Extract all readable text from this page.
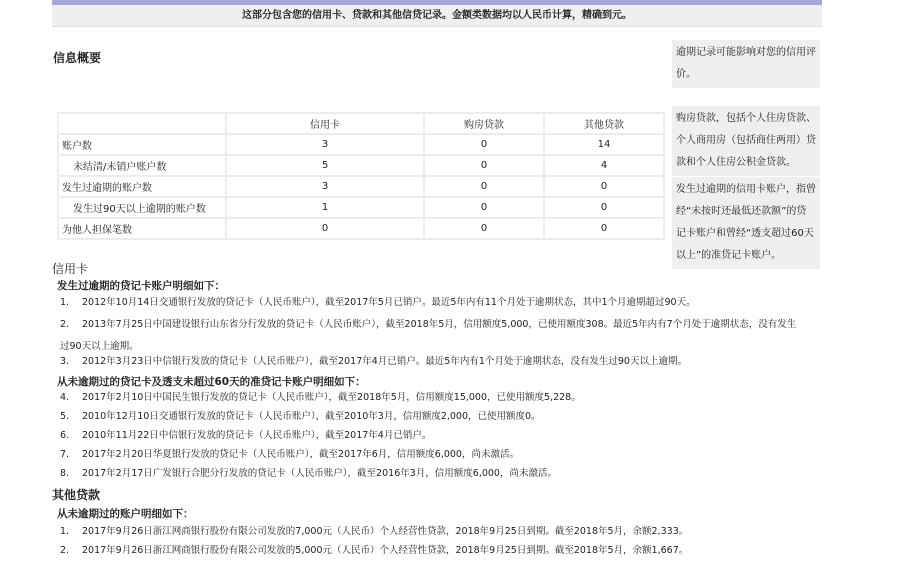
这部分包含您的信用卡、贷款和其他信贷记录。金额类数据均以人民币计算，精确到元。
信息概要	逾期记录可能影响对您的信用评价。
购房贷款，包括个人住房贷款、个人商用房（包括商住两用）贷款和个人住房公积金贷款。
发生过逾期的信用卡账户，指曾经“未按时还最低还款额”的贷记卡账户和曾经“透支超过60天以上”的准贷记卡账户。
	信用卡	购房贷款	其他贷款
账户数	3	0	14
未结清/未销户账户数	5	0	4
发生过逾期的账户数	3	0	0
发生过90天以上逾期的账户数	1	0	0
为他人担保笔数	0	0	0
信用卡
发生过逾期的贷记卡账户明细如下：
1. 2012年10月14日交通银行发放的贷记卡（人民币账户），截至2017年5月已销户。最近5年内有11个月处于逾期状态，其中1个月逾期超过90天。
2. 2013年7月25日中国建设银行山东省分行发放的贷记卡（人民币账户），截至2018年5月，信用额度5,000，已使用额度308。最近5年内有7个月处于逾期状态，没有发生过90天以上逾期。
3. 2012年3月23日中信银行发放的贷记卡（人民币账户），截至2017年4月已销户。最近5年内有1个月处于逾期状态，没有发生过90天以上逾期。
从未逾期过的贷记卡及透支未超过60天的准贷记卡账户明细如下：
4. 2017年2月10日中国民生银行发放的贷记卡（人民币账户），截至2018年5月，信用额度15,000，已使用额度5,228。
5. 2010年12月10日交通银行发放的贷记卡（人民币账户），截至2010年3月，信用额度2,000，已使用额度0。
6. 2010年11月22日中信银行发放的贷记卡（人民币账户），截至2017年4月已销户。
7. 2017年2月20日华夏银行发放的贷记卡（人民币账户），截至2017年6月，信用额度6,000，尚未激活。
8. 2017年2月17日广发银行合肥分行发放的贷记卡（人民币账户），截至2016年3月，信用额度6,000，尚未激活。
其他贷款
从未逾期过的账户明细如下：
1. 2017年9月26日浙江网商银行股份有限公司发放的7,000元（人民币）个人经营性贷款，2018年9月25日到期。截至2018年5月，余额2,333。
2. 2017年9月26日浙江网商银行股份有限公司发放的5,000元（人民币）个人经营性贷款，2018年9月25日到期。截至2018年5月，余额1,667。
